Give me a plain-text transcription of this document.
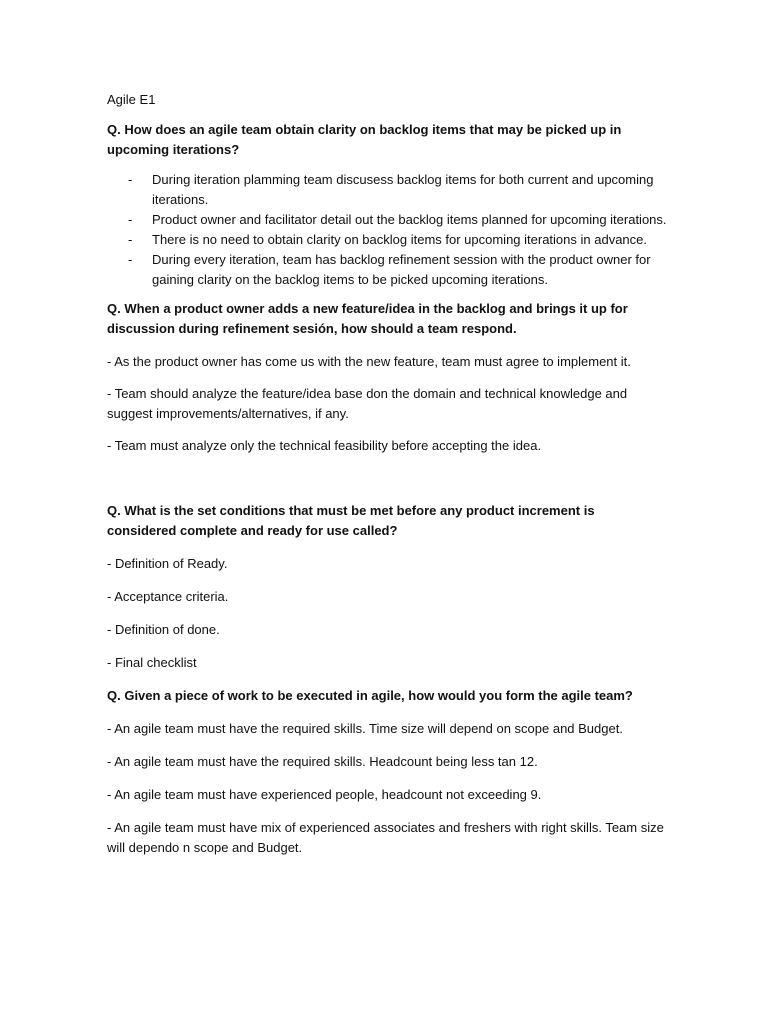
Agile E1

Q. How does an agile team obtain clarity on backlog items that may be picked up in upcoming iterations?

- During iteration plamming team discusess backlog items for both current and upcoming iterations.
- Product owner and facilitator detail out the backlog items planned for upcoming iterations.
- There is no need to obtain clarity on backlog items for upcoming iterations in advance.
- During every iteration, team has backlog refinement session with the product owner for gaining clarity on the backlog items to be picked upcoming iterations.

Q. When a product owner adds a new feature/idea in the backlog and brings it up for discussion during refinement sesión, how should a team respond.

- As the product owner has come us with the new feature, team must agree to implement it.

- Team should analyze the feature/idea base don the domain and technical knowledge and suggest improvements/alternatives, if any.

- Team must analyze only the technical feasibility before accepting the idea.

Q. What is the set conditions that must be met before any product increment is considered complete and ready for use called?

- Definition of Ready.

- Acceptance criteria.

- Definition of done.

- Final checklist

Q. Given a piece of work to be executed in agile, how would you form the agile team?

- An agile team must have the required skills. Time size will depend on scope and Budget.

- An agile team must have the required skills. Headcount being less tan 12.

- An agile team must have experienced people, headcount not exceeding 9.

- An agile team must have mix of experienced associates and freshers with right skills. Team size will dependo n scope and Budget.
